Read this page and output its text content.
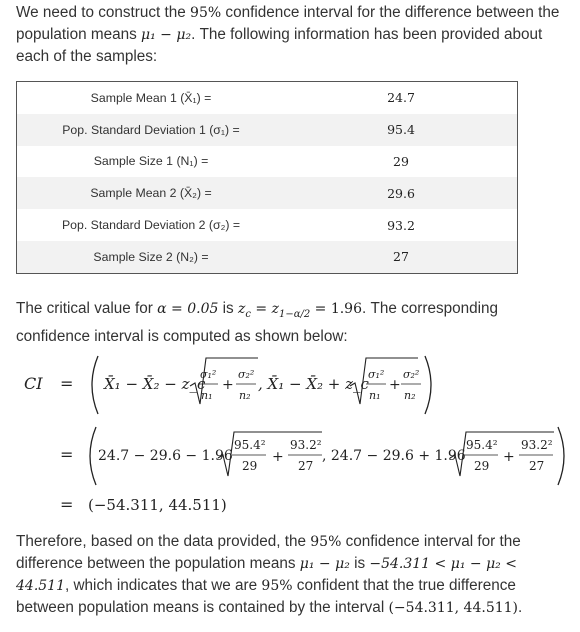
We need to construct the 95% confidence interval for the difference between the population means μ₁ − μ₂. The following information has been provided about each of the samples:

Sample Mean 1 (X̄₁) =	24.7
Pop. Standard Deviation 1 (σ₁) =	95.4
Sample Size 1 (N₁) =	29
Sample Mean 2 (X̄₂) =	29.6
Pop. Standard Deviation 2 (σ₂) =	93.2
Sample Size 2 (N₂) =	27

The critical value for α = 0.05 is $z_c = z_{1-\alpha/2} = 1.96$. The corresponding confidence interval is computed as shown below:

CI = X̄₁ − X̄₂ − z_c
σ₁²
n₁
+
σ₂²
n₂
, X̄₁ − X̄₂ + z_c
σ₁²
n₁
+
σ₂²
n₂
= 24.7 − 29.6 − 1.96
95.4²
29
+
93.2²
27
, 24.7 − 29.6 + 1.96
95.4²
29
+
93.2²
27
= (−54.311, 44.511)

Therefore, based on the data provided, the 95% confidence interval for the difference between the population means μ₁ − μ₂ is −54.311 < μ₁ − μ₂ < 44.511, which indicates that we are 95% confident that the true difference between population means is contained by the interval (−54.311, 44.511).
